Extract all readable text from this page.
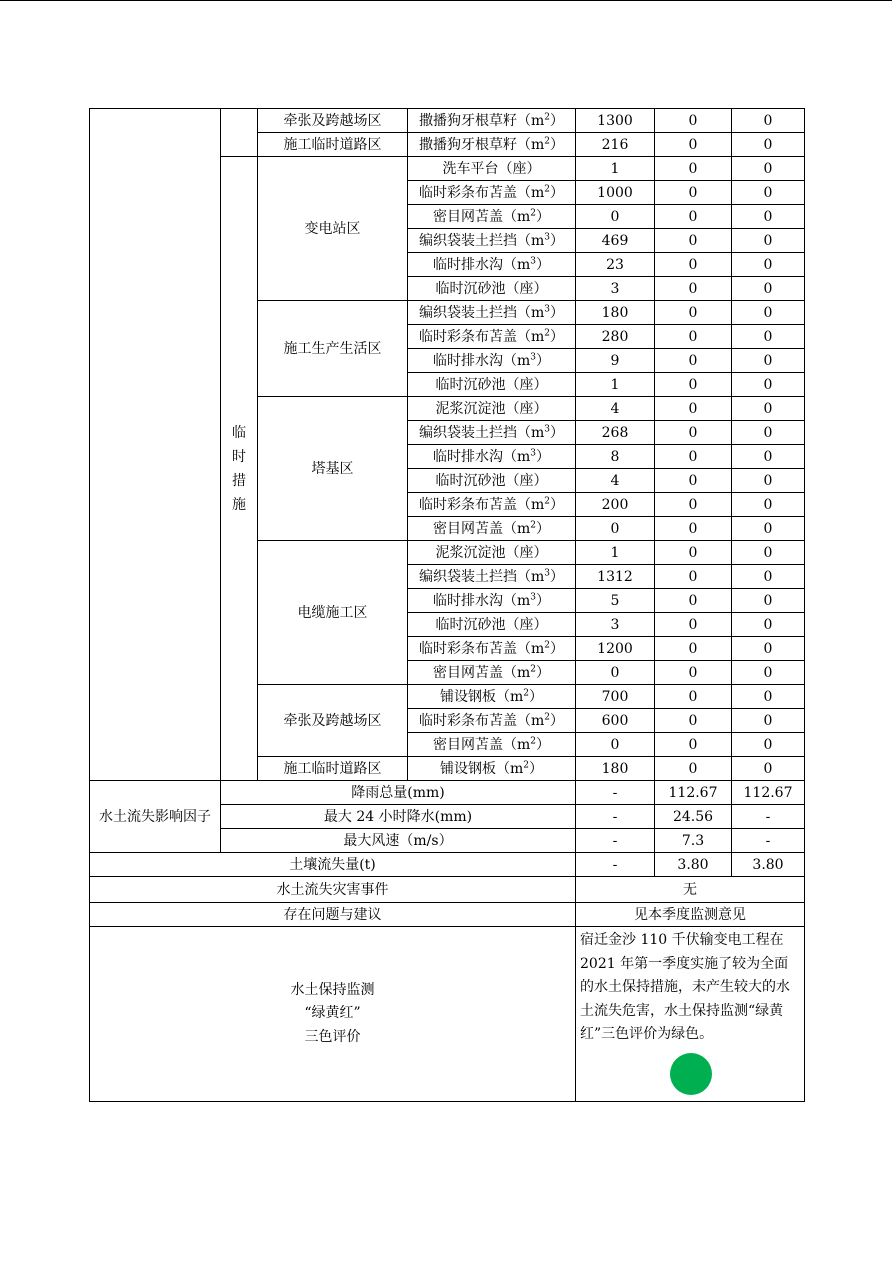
		牵张及跨越场区	撒播狗牙根草籽$(m^2)$	1300	0	0
		施工临时道路区	撒播狗牙根草籽$(m^2)$	216	0	0

	临时措施	变电站区	洗车平台（座）	1	0	0
			临时彩条布苫盖$(m^2)$	1000	0	0
			密目网苫盖$(m^2)$	0	0	0
			编织袋装土拦挡$(m^3)$	469	0	0
			临时排水沟$(m^3)$	23	0	0
			临时沉砂池（座）	3	0	0
		施工生产生活区	编织袋装土拦挡$(m^3)$	180	0	0
			临时彩条布苫盖$(m^2)$	280	0	0
			临时排水沟$(m^3)$	9	0	0
			临时沉砂池（座）	1	0	0
		塔基区	泥浆沉淀池（座）	4	0	0
			编织袋装土拦挡$(m^3)$	268	0	0
			临时排水沟$(m^3)$	8	0	0
			临时沉砂池（座）	4	0	0
			临时彩条布苫盖$(m^2)$	200	0	0
			密目网苫盖$(m^2)$	0	0	0
		电缆施工区	泥浆沉淀池（座）	1	0	0
			编织袋装土拦挡$(m^3)$	1312	0	0
			临时排水沟$(m^3)$	5	0	0
			临时沉砂池（座）	3	0	0
			临时彩条布苫盖$(m^2)$	1200	0	0
			密目网苫盖$(m^2)$	0	0	0
		牵张及跨越场区	铺设钢板$(m^2)$	700	0	0
			临时彩条布苫盖$(m^2)$	600	0	0
			密目网苫盖$(m^2)$	0	0	0
		施工临时道路区	铺设钢板$(m^2)$	180	0	0
水土流失影响因子	降雨总量(mm)			-	112.67	112.67
	最大 24 小时降水(mm)			-	24.56	-
	最大风速（m/s）			-	7.3	-
土壤流失量(t)				-	3.80	3.80
水土流失灾害事件				无		
存在问题与建议				见本季度监测意见		

水土保持监测
“绿黄红”
三色评价				宿迁金沙 110 千伏输变电工程在 2021 年第一季度实施了较为全面的水土保持措施，未产生较大的水土流失危害，水土保持监测“绿黄红”三色评价为绿色。		
